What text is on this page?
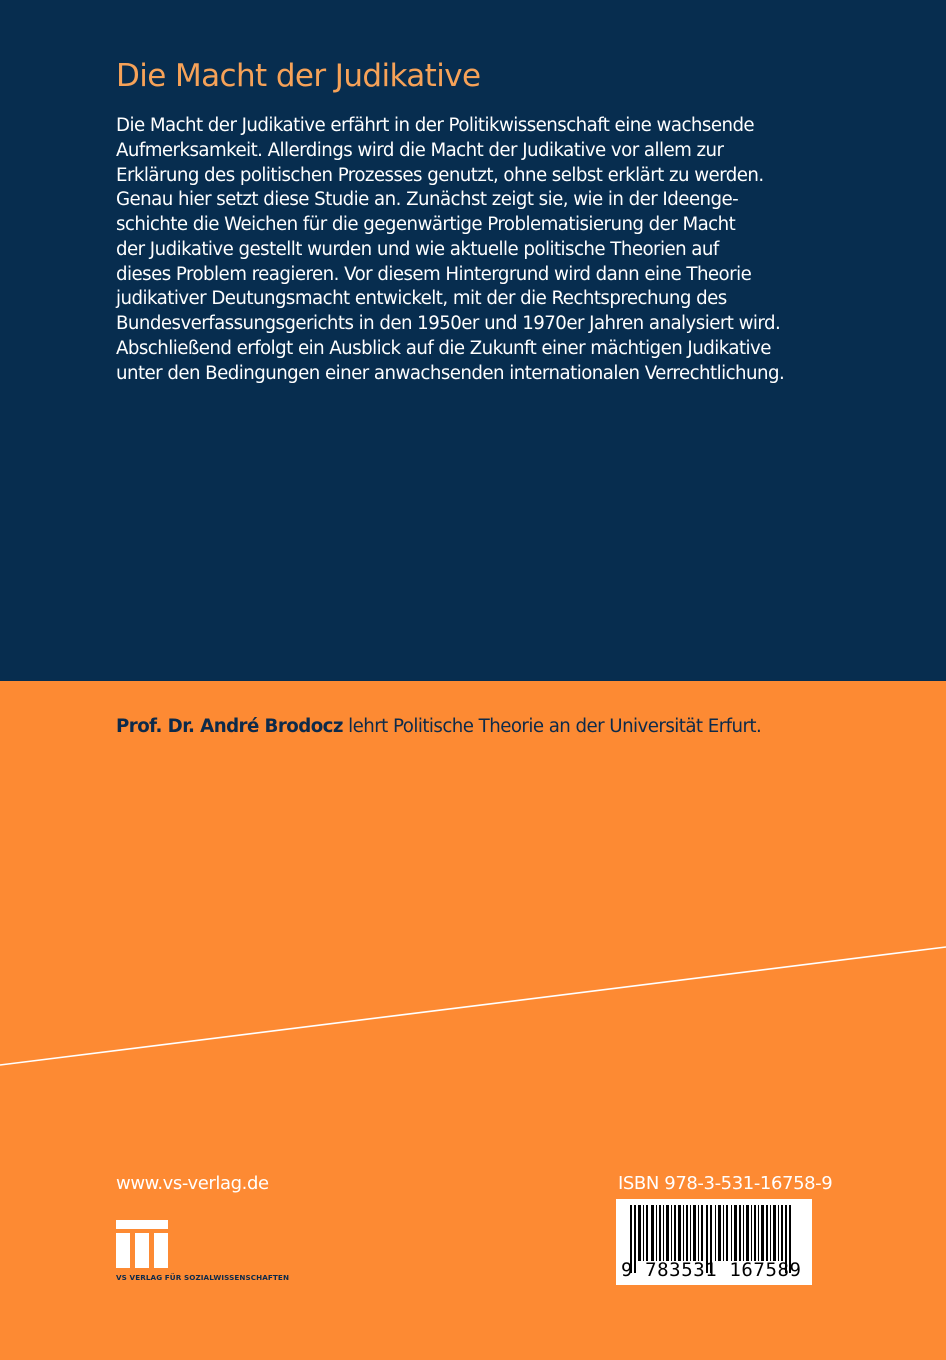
Die Macht der Judikative
Die Macht der Judikative erfährt in der Politikwissenschaft eine wachsende
Aufmerksamkeit. Allerdings wird die Macht der Judikative vor allem zur
Erklärung des politischen Prozesses genutzt, ohne selbst erklärt zu werden.
Genau hier setzt diese Studie an. Zunächst zeigt sie, wie in der Ideenge-
schichte die Weichen für die gegenwärtige Problematisierung der Macht
der Judikative gestellt wurden und wie aktuelle politische Theorien auf
dieses Problem reagieren. Vor diesem Hintergrund wird dann eine Theorie
judikativer Deutungsmacht entwickelt, mit der die Rechtsprechung des
Bundesverfassungsgerichts in den 1950er und 1970er Jahren analysiert wird.
Abschließend erfolgt ein Ausblick auf die Zukunft einer mächtigen Judikative
unter den Bedingungen einer anwachsenden internationalen Verrechtlichung.
Prof. Dr. André Brodocz lehrt Politische Theorie an der Universität Erfurt.
www.vs-verlag.de
VS VERLAG FÜR SOZIALWISSENSCHAFTEN
ISBN 978-3-531-16758-9
9 783531 167589
